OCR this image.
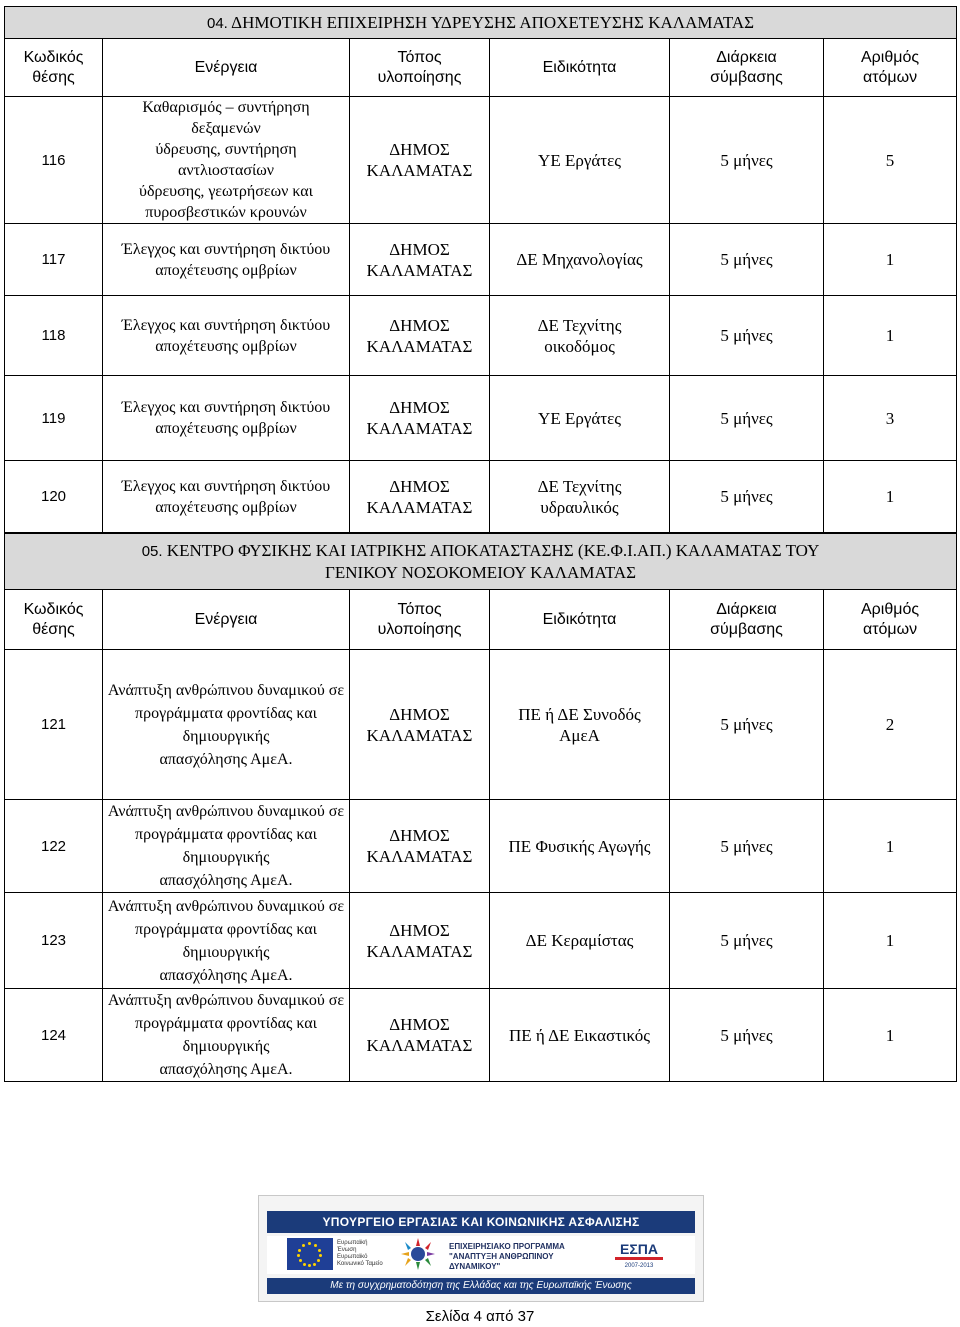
04. ΔΗΜΟΤΙΚΗ ΕΠΙΧΕΙΡΗΣΗ ΥΔΡΕΥΣΗΣ ΑΠΟΧΕΤΕΥΣΗΣ ΚΑΛΑΜΑΤΑΣ					
Κωδικός
θέσης	Ενέργεια	Τόπος
υλοποίησης	Ειδικότητα	Διάρκεια
σύμβασης	Αριθμός
ατόμων
116	Καθαρισμός – συντήρηση δεξαμενών
ύδρευσης, συντήρηση αντλιοστασίων
ύδρευσης, γεωτρήσεων και
πυροσβεστικών κρουνών	ΔΗΜΟΣ
ΚΑΛΑΜΑΤΑΣ	ΥΕ Εργάτες	5 μήνες	5
117	Έλεγχος και συντήρηση δικτύου
αποχέτευσης ομβρίων	ΔΗΜΟΣ
ΚΑΛΑΜΑΤΑΣ	ΔΕ Μηχανολογίας	5 μήνες	1
118	Έλεγχος και συντήρηση δικτύου
αποχέτευσης ομβρίων	ΔΗΜΟΣ
ΚΑΛΑΜΑΤΑΣ	ΔΕ Τεχνίτης
οικοδόμος	5 μήνες	1
119	Έλεγχος και συντήρηση δικτύου
αποχέτευσης ομβρίων	ΔΗΜΟΣ
ΚΑΛΑΜΑΤΑΣ	ΥΕ Εργάτες	5 μήνες	3
120	Έλεγχος και συντήρηση δικτύου
αποχέτευσης ομβρίων	ΔΗΜΟΣ
ΚΑΛΑΜΑΤΑΣ	ΔΕ Τεχνίτης
υδραυλικός	5 μήνες	1
05. ΚΕΝΤΡΟ ΦΥΣΙΚΗΣ ΚΑΙ ΙΑΤΡΙΚΗΣ ΑΠΟΚΑΤΑΣΤΑΣΗΣ (ΚΕ.Φ.Ι.ΑΠ.) ΚΑΛΑΜΑΤΑΣ ΤΟΥ
ΓΕΝΙΚΟΥ ΝΟΣΟΚΟΜΕΙΟΥ ΚΑΛΑΜΑΤΑΣ					
Κωδικός
θέσης	Ενέργεια	Τόπος
υλοποίησης	Ειδικότητα	Διάρκεια
σύμβασης	Αριθμός
ατόμων
121	Ανάπτυξη ανθρώπινου δυναμικού σε
προγράμματα φροντίδας και δημιουργικής
απασχόλησης ΑμεΑ.	ΔΗΜΟΣ
ΚΑΛΑΜΑΤΑΣ	ΠΕ ή ΔΕ Συνοδός
ΑμεΑ	5 μήνες	2
122	Ανάπτυξη ανθρώπινου δυναμικού σε
προγράμματα φροντίδας και δημιουργικής
απασχόλησης ΑμεΑ.	ΔΗΜΟΣ
ΚΑΛΑΜΑΤΑΣ	ΠΕ Φυσικής Αγωγής	5 μήνες	1
123	Ανάπτυξη ανθρώπινου δυναμικού σε
προγράμματα φροντίδας και δημιουργικής
απασχόλησης ΑμεΑ.	ΔΗΜΟΣ
ΚΑΛΑΜΑΤΑΣ	ΔΕ Κεραμίστας	5 μήνες	1
124	Ανάπτυξη ανθρώπινου δυναμικού σε
προγράμματα φροντίδας και δημιουργικής
απασχόλησης ΑμεΑ.	ΔΗΜΟΣ
ΚΑΛΑΜΑΤΑΣ	ΠΕ ή ΔΕ Εικαστικός	5 μήνες	1
ΥΠΟΥΡΓΕΙΟ ΕΡΓΑΣΙΑΣ ΚΑΙ ΚΟΙΝΩΝΙΚΗΣ ΑΣΦΑΛΙΣΗΣ
Ευρωπαϊκή Ένωση Ευρωπαϊκό Κοινωνικό Ταμείο
ΕΠΙΧΕΙΡΗΣΙΑΚΟ ΠΡΟΓΡΑΜΜΑ
"ΑΝΑΠΤΥΞΗ ΑΝΘΡΩΠΙΝΟΥ ΔΥΝΑΜΙΚΟΥ"
ΕΣΠΑ
2007-2013
Με τη συγχρηματοδότηση της Ελλάδας και της Ευρωπαϊκής Ένωσης
Σελίδα 4 από 37
